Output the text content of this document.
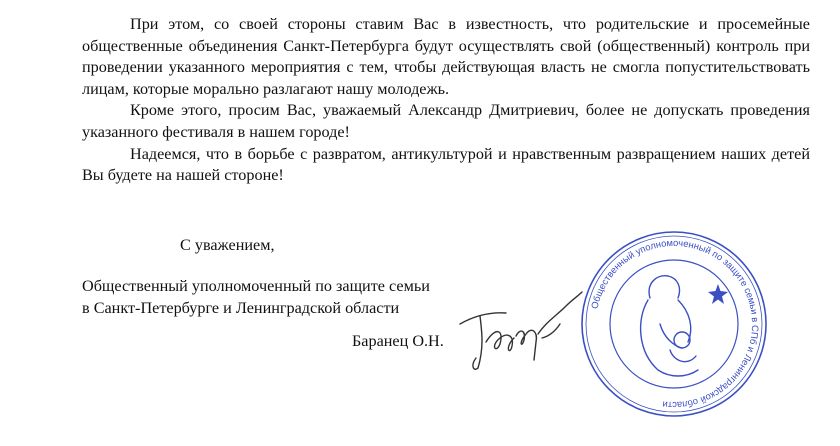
При этом, со своей стороны ставим Вас в известность, что родительские и просемейные общественные объединения Санкт-Петербурга будут осуществлять свой (общественный) контроль при проведении указанного мероприятия с тем, чтобы действующая власть не смогла попустительствовать лицам, которые морально разлагают нашу молодежь.

Кроме этого, просим Вас, уважаемый Александр Дмитриевич, более не допускать проведения указанного фестиваля в нашем городе!

Надеемся, что в борьбе с развратом, антикультурой и нравственным развращением наших детей Вы будете на нашей стороне!

С уважением,
Общественный уполномоченный по защите семьи
в Санкт-Петербурге и Ленинградской области
Баранец О.Н.
Общественный уполномоченный по защите семьи в СПб и Ленинградской области
